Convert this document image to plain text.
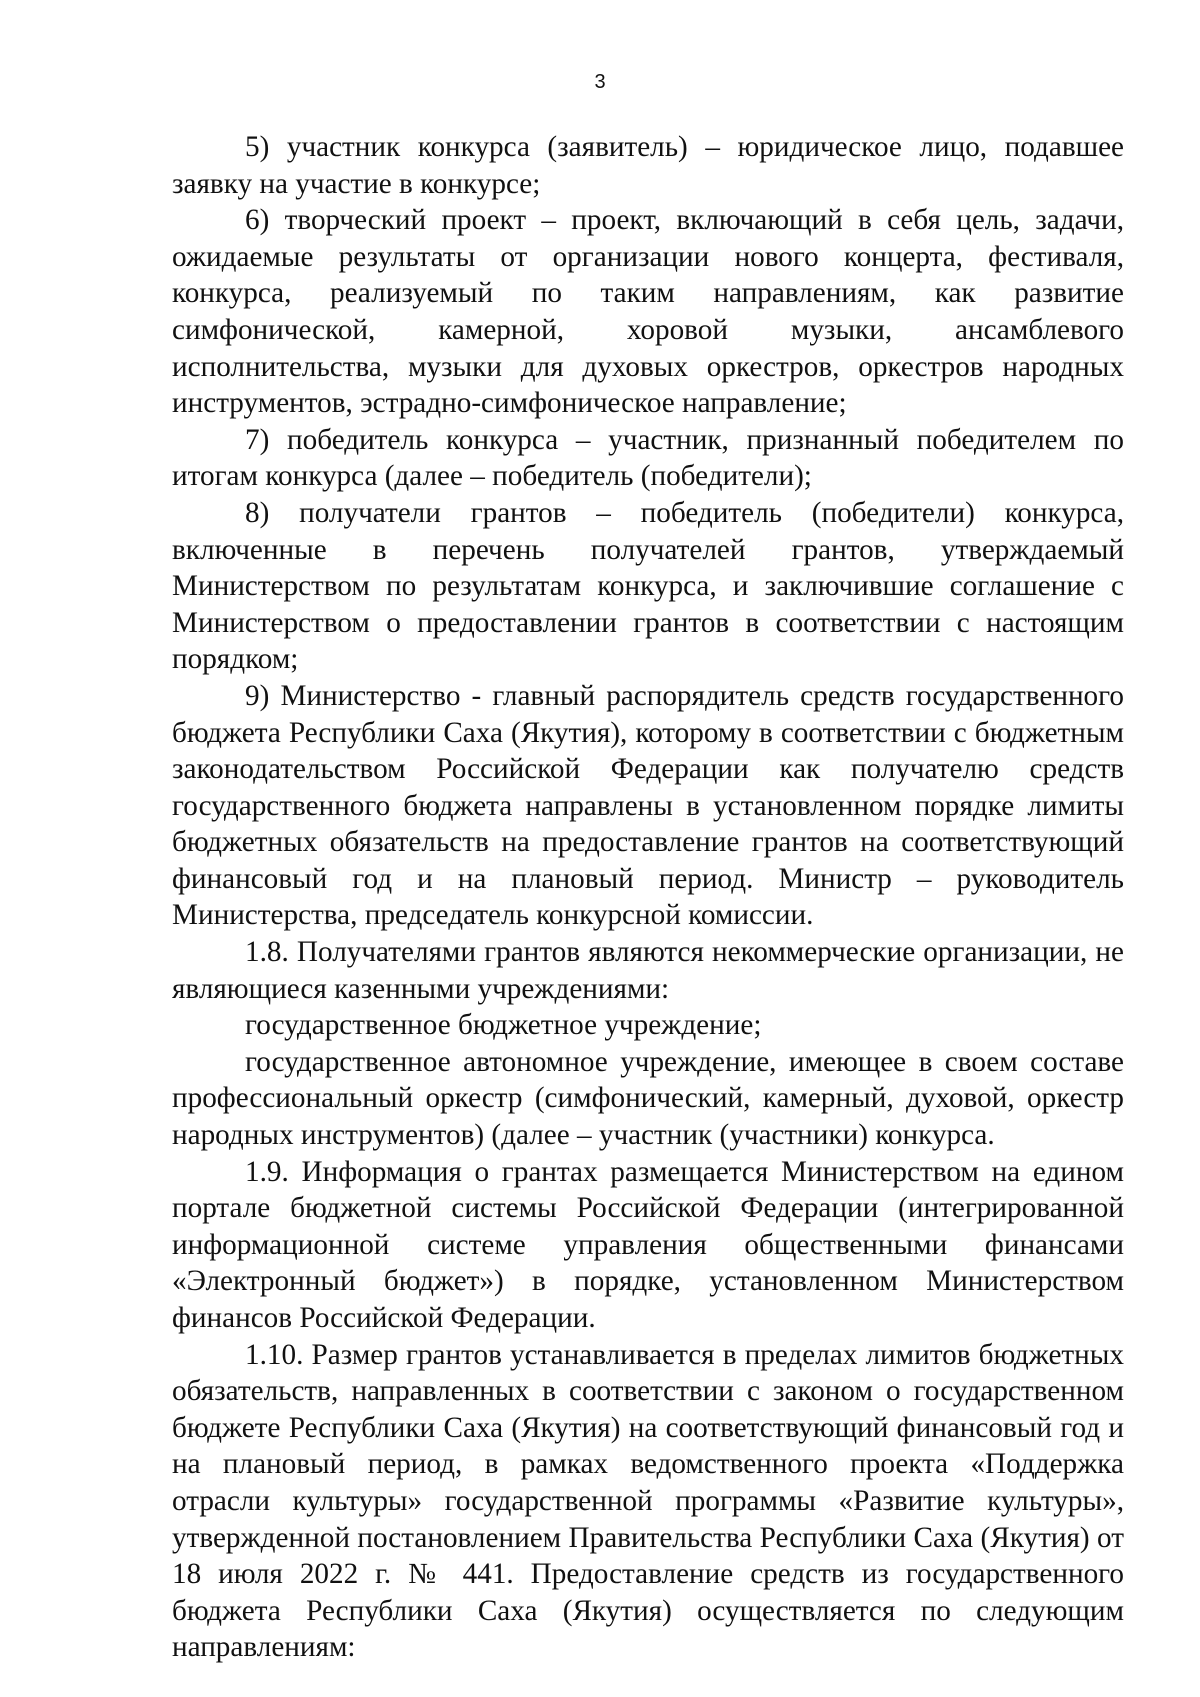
3

5) участник конкурса (заявитель) – юридическое лицо, подавшее заявку на участие в конкурсе;

6) творческий проект – проект, включающий в себя цель, задачи, ожидаемые результаты от организации нового концерта, фестиваля, конкурса, реализуемый по таким направлениям, как развитие симфонической, камерной, хоровой музыки, ансамблевого исполнительства, музыки для духовых оркестров, оркестров народных инструментов, эстрадно-симфоническое направление;

7) победитель конкурса – участник, признанный победителем по итогам конкурса (далее – победитель (победители);

8) получатели грантов – победитель (победители) конкурса, включенные в перечень получателей грантов, утверждаемый Министерством по результатам конкурса, и заключившие соглашение с Министерством о предоставлении грантов в соответствии с настоящим порядком;

9) Министерство - главный распорядитель средств государственного бюджета Республики Саха (Якутия), которому в соответствии с бюджетным законодательством Российской Федерации как получателю средств государственного бюджета направлены в установленном порядке лимиты бюджетных обязательств на предоставление грантов на соответствующий финансовый год и на плановый период. Министр – руководитель Министерства, председатель конкурсной комиссии.

1.8. Получателями грантов являются некоммерческие организации, не являющиеся казенными учреждениями:

государственное бюджетное учреждение;

государственное автономное учреждение, имеющее в своем составе профессиональный оркестр (симфонический, камерный, духовой, оркестр народных инструментов) (далее – участник (участники) конкурса.

1.9. Информация о грантах размещается Министерством на едином портале бюджетной системы Российской Федерации (интегрированной информационной системе управления общественными финансами «Электронный бюджет») в порядке, установленном Министерством финансов Российской Федерации.

1.10. Размер грантов устанавливается в пределах лимитов бюджетных обязательств, направленных в соответствии с законом о государственном бюджете Республики Саха (Якутия) на соответствующий финансовый год и на плановый период, в рамках ведомственного проекта «Поддержка отрасли культуры» государственной программы «Развитие культуры», утвержденной постановлением Правительства Республики Саха (Якутия) от 18 июля 2022 г. № 441. Предоставление средств из государственного бюджета Республики Саха (Якутия) осуществляется по следующим направлениям:
